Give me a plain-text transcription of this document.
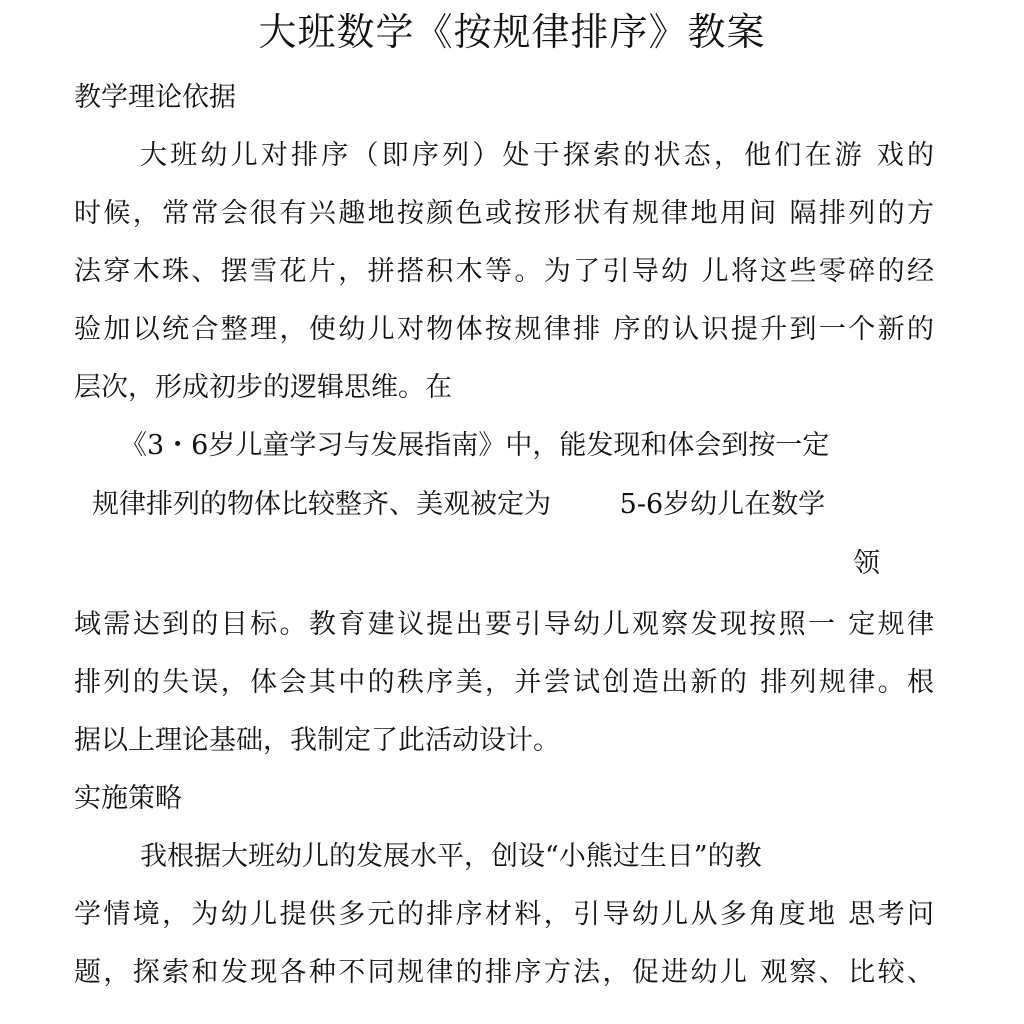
大班数学《按规律排序》教案
教学理论依据
大班幼儿对排序（即序列）处于探索的状态，他们在游 戏的
时候，常常会很有兴趣地按颜色或按形状有规律地用间 隔排列的方
法穿木珠、摆雪花片，拼搭积木等。为了引导幼 儿将这些零碎的经
验加以统合整理，使幼儿对物体按规律排 序的认识提升到一个新的
层次，形成初步的逻辑思维。在
《3・6岁儿童学习与发展指南》中，能发现和体会到按一定
规律排列的物体比较整齐、美观被定为        5-6岁幼儿在数学
领
域需达到的目标。教育建议提出要引导幼儿观察发现按照一 定规律
排列的失误，体会其中的秩序美，并尝试创造出新的 排列规律。根
据以上理论基础，我制定了此活动设计。
实施策略
我根据大班幼儿的发展水平，创设“小熊过生日”的教
学情境，为幼儿提供多元的排序材料，引导幼儿从多角度地 思考问
题，探索和发现各种不同规律的排序方法，促进幼儿 观察、比较、
